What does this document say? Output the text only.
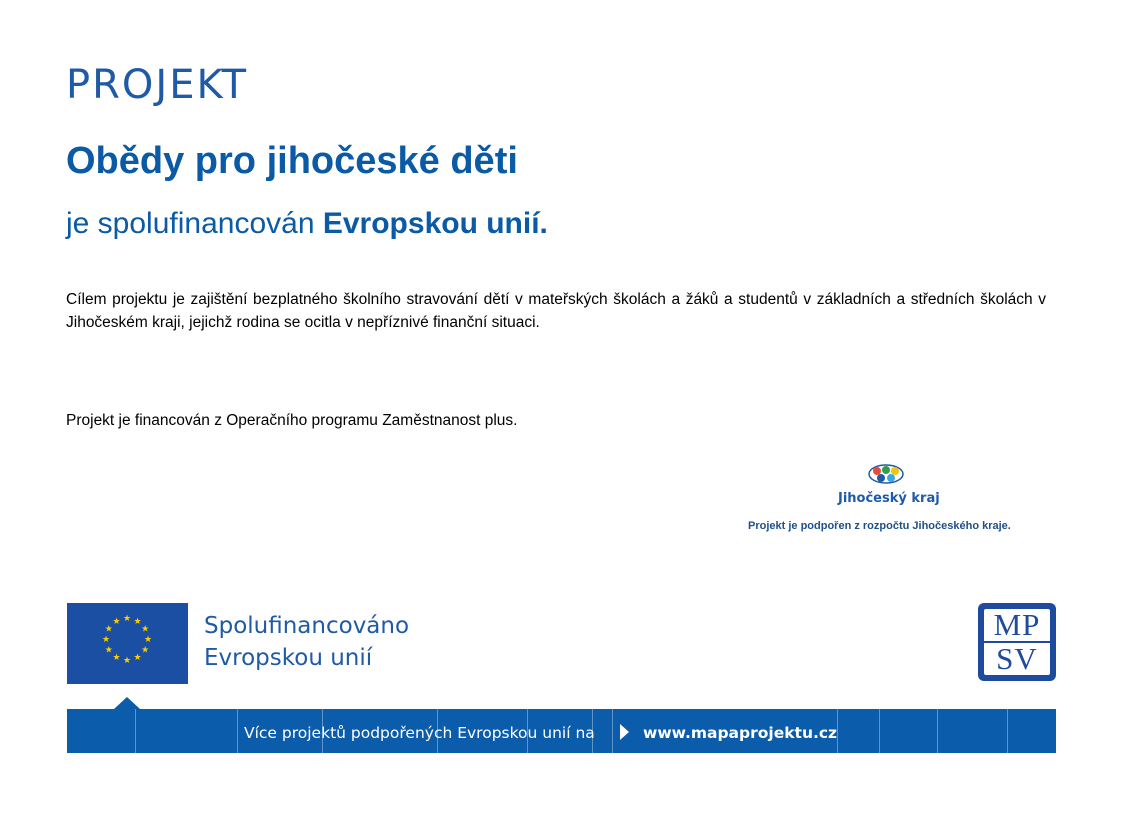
PROJEKT
Obědy pro jihočeské děti

je spolufinancován Evropskou unií.

Cílem projektu je zajištění bezplatného školního stravování dětí v mateřských školách a žáků a studentů v základních a středních školách v Jihočeském kraji, jejichž rodina se ocitla v nepříznivé finanční situaci.

Projekt je financován z Operačního programu Zaměstnanost plus.

Jihočeský kraj
Projekt je podpořen z rozpočtu Jihočeského kraje.
★ ★
★
★
★
★
★
★
★
★
★
★	Spolufinancováno
Evropskou unií
MP
SV
Více projektů podpořených Evropskou unií na	www.mapaprojektu.cz
